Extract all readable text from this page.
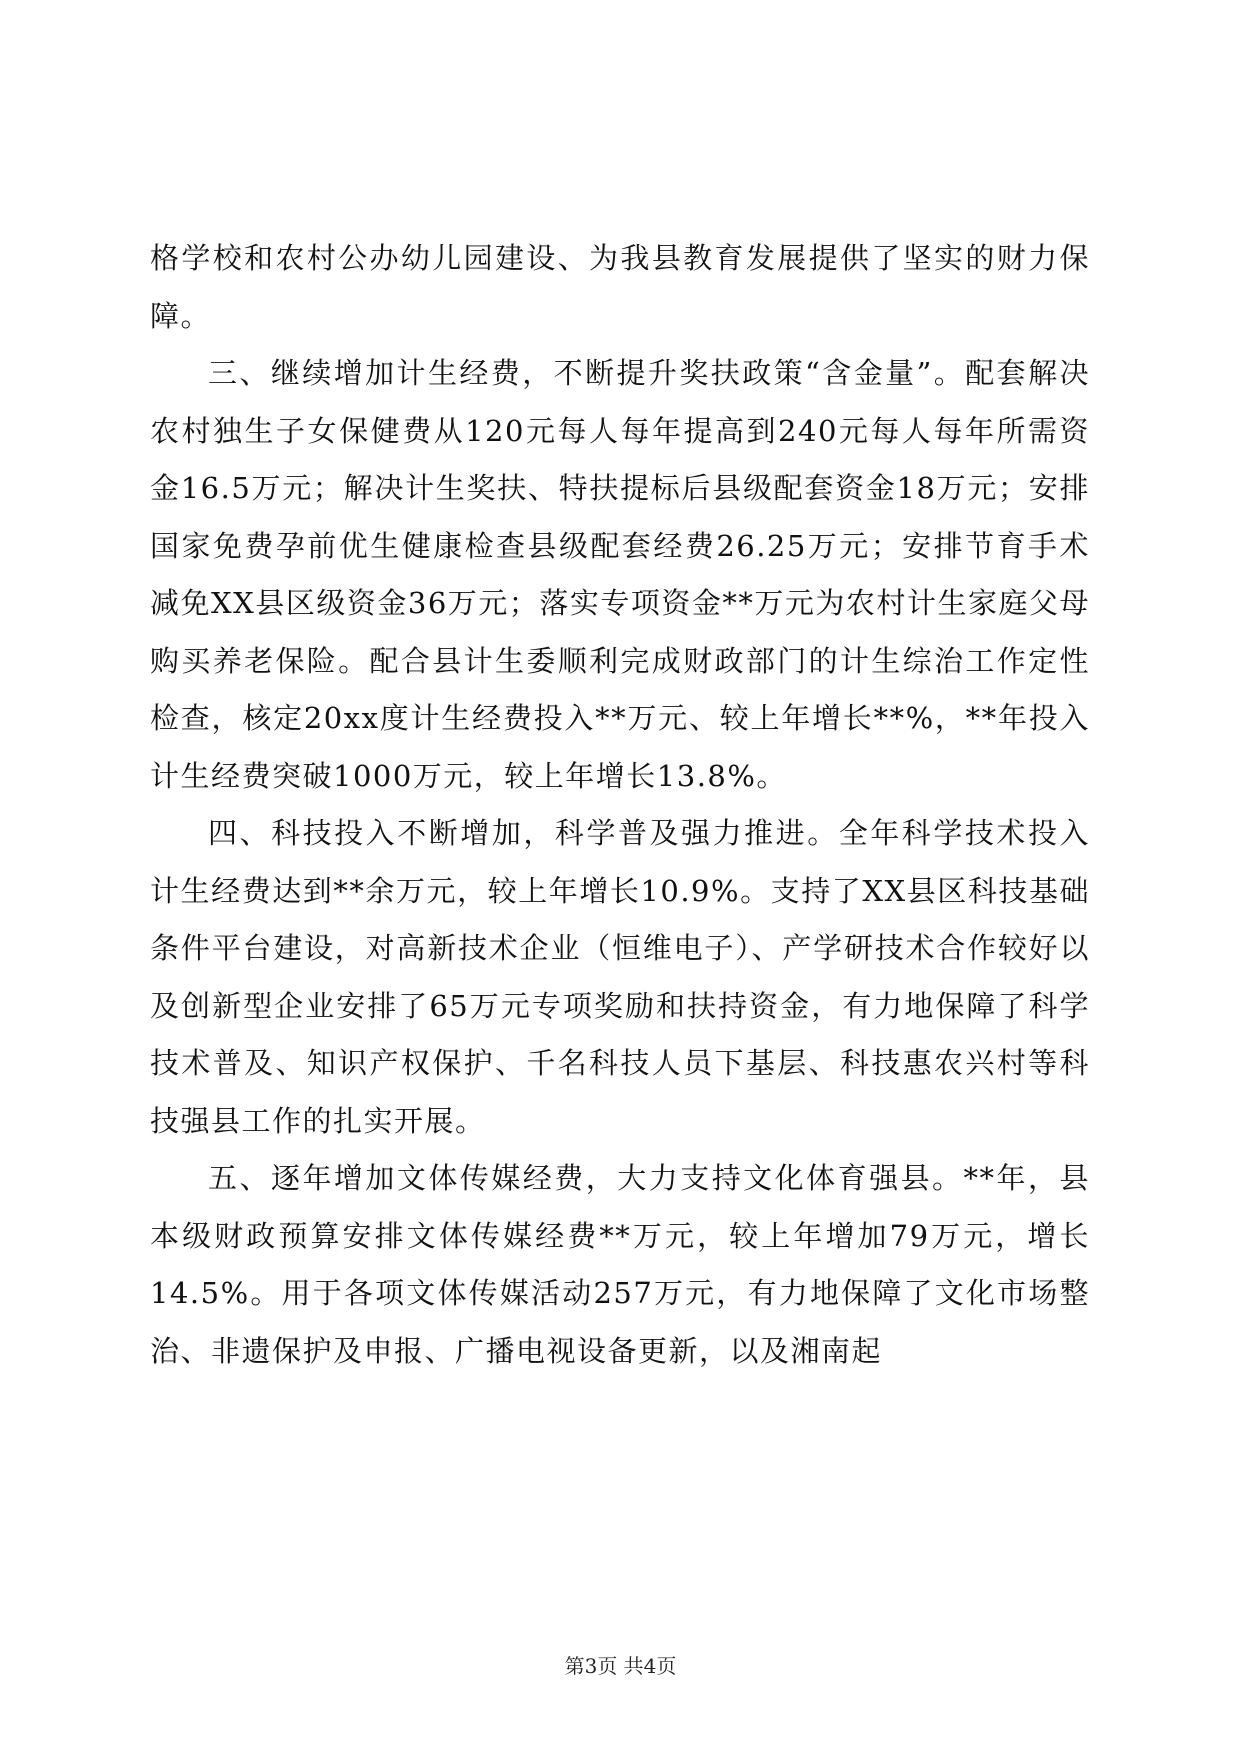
格学校和农村公办幼儿园建设、为我县教育发展提供了坚实的财力保障。

三、继续增加计生经费，不断提升奖扶政策“含金量”。配套解决农村独生子女保健费从120元每人每年提高到240元每人每年所需资金16.5万元；解决计生奖扶、特扶提标后县级配套资金18万元；安排国家免费孕前优生健康检查县级配套经费26.25万元；安排节育手术减免XX县区级资金36万元；落实专项资金**万元为农村计生家庭父母购买养老保险。配合县计生委顺利完成财政部门的计生综治工作定性检查，核定20xx度计生经费投入**万元、较上年增长**%，**年投入计生经费突破1000万元，较上年增长13.8%。

四、科技投入不断增加，科学普及强力推进。全年科学技术投入计生经费达到**余万元，较上年增长10.9%。支持了XX县区科技基础条件平台建设，对高新技术企业（恒维电子）、产学研技术合作较好以及创新型企业安排了65万元专项奖励和扶持资金，有力地保障了科学技术普及、知识产权保护、千名科技人员下基层、科技惠农兴村等科技强县工作的扎实开展。

五、逐年增加文体传媒经费，大力支持文化体育强县。**年，县本级财政预算安排文体传媒经费**万元，较上年增加79万元，增长14.5%。用于各项文体传媒活动257万元，有力地保障了文化市场整治、非遗保护及申报、广播电视设备更新，以及湘南起

第3页 共4页
